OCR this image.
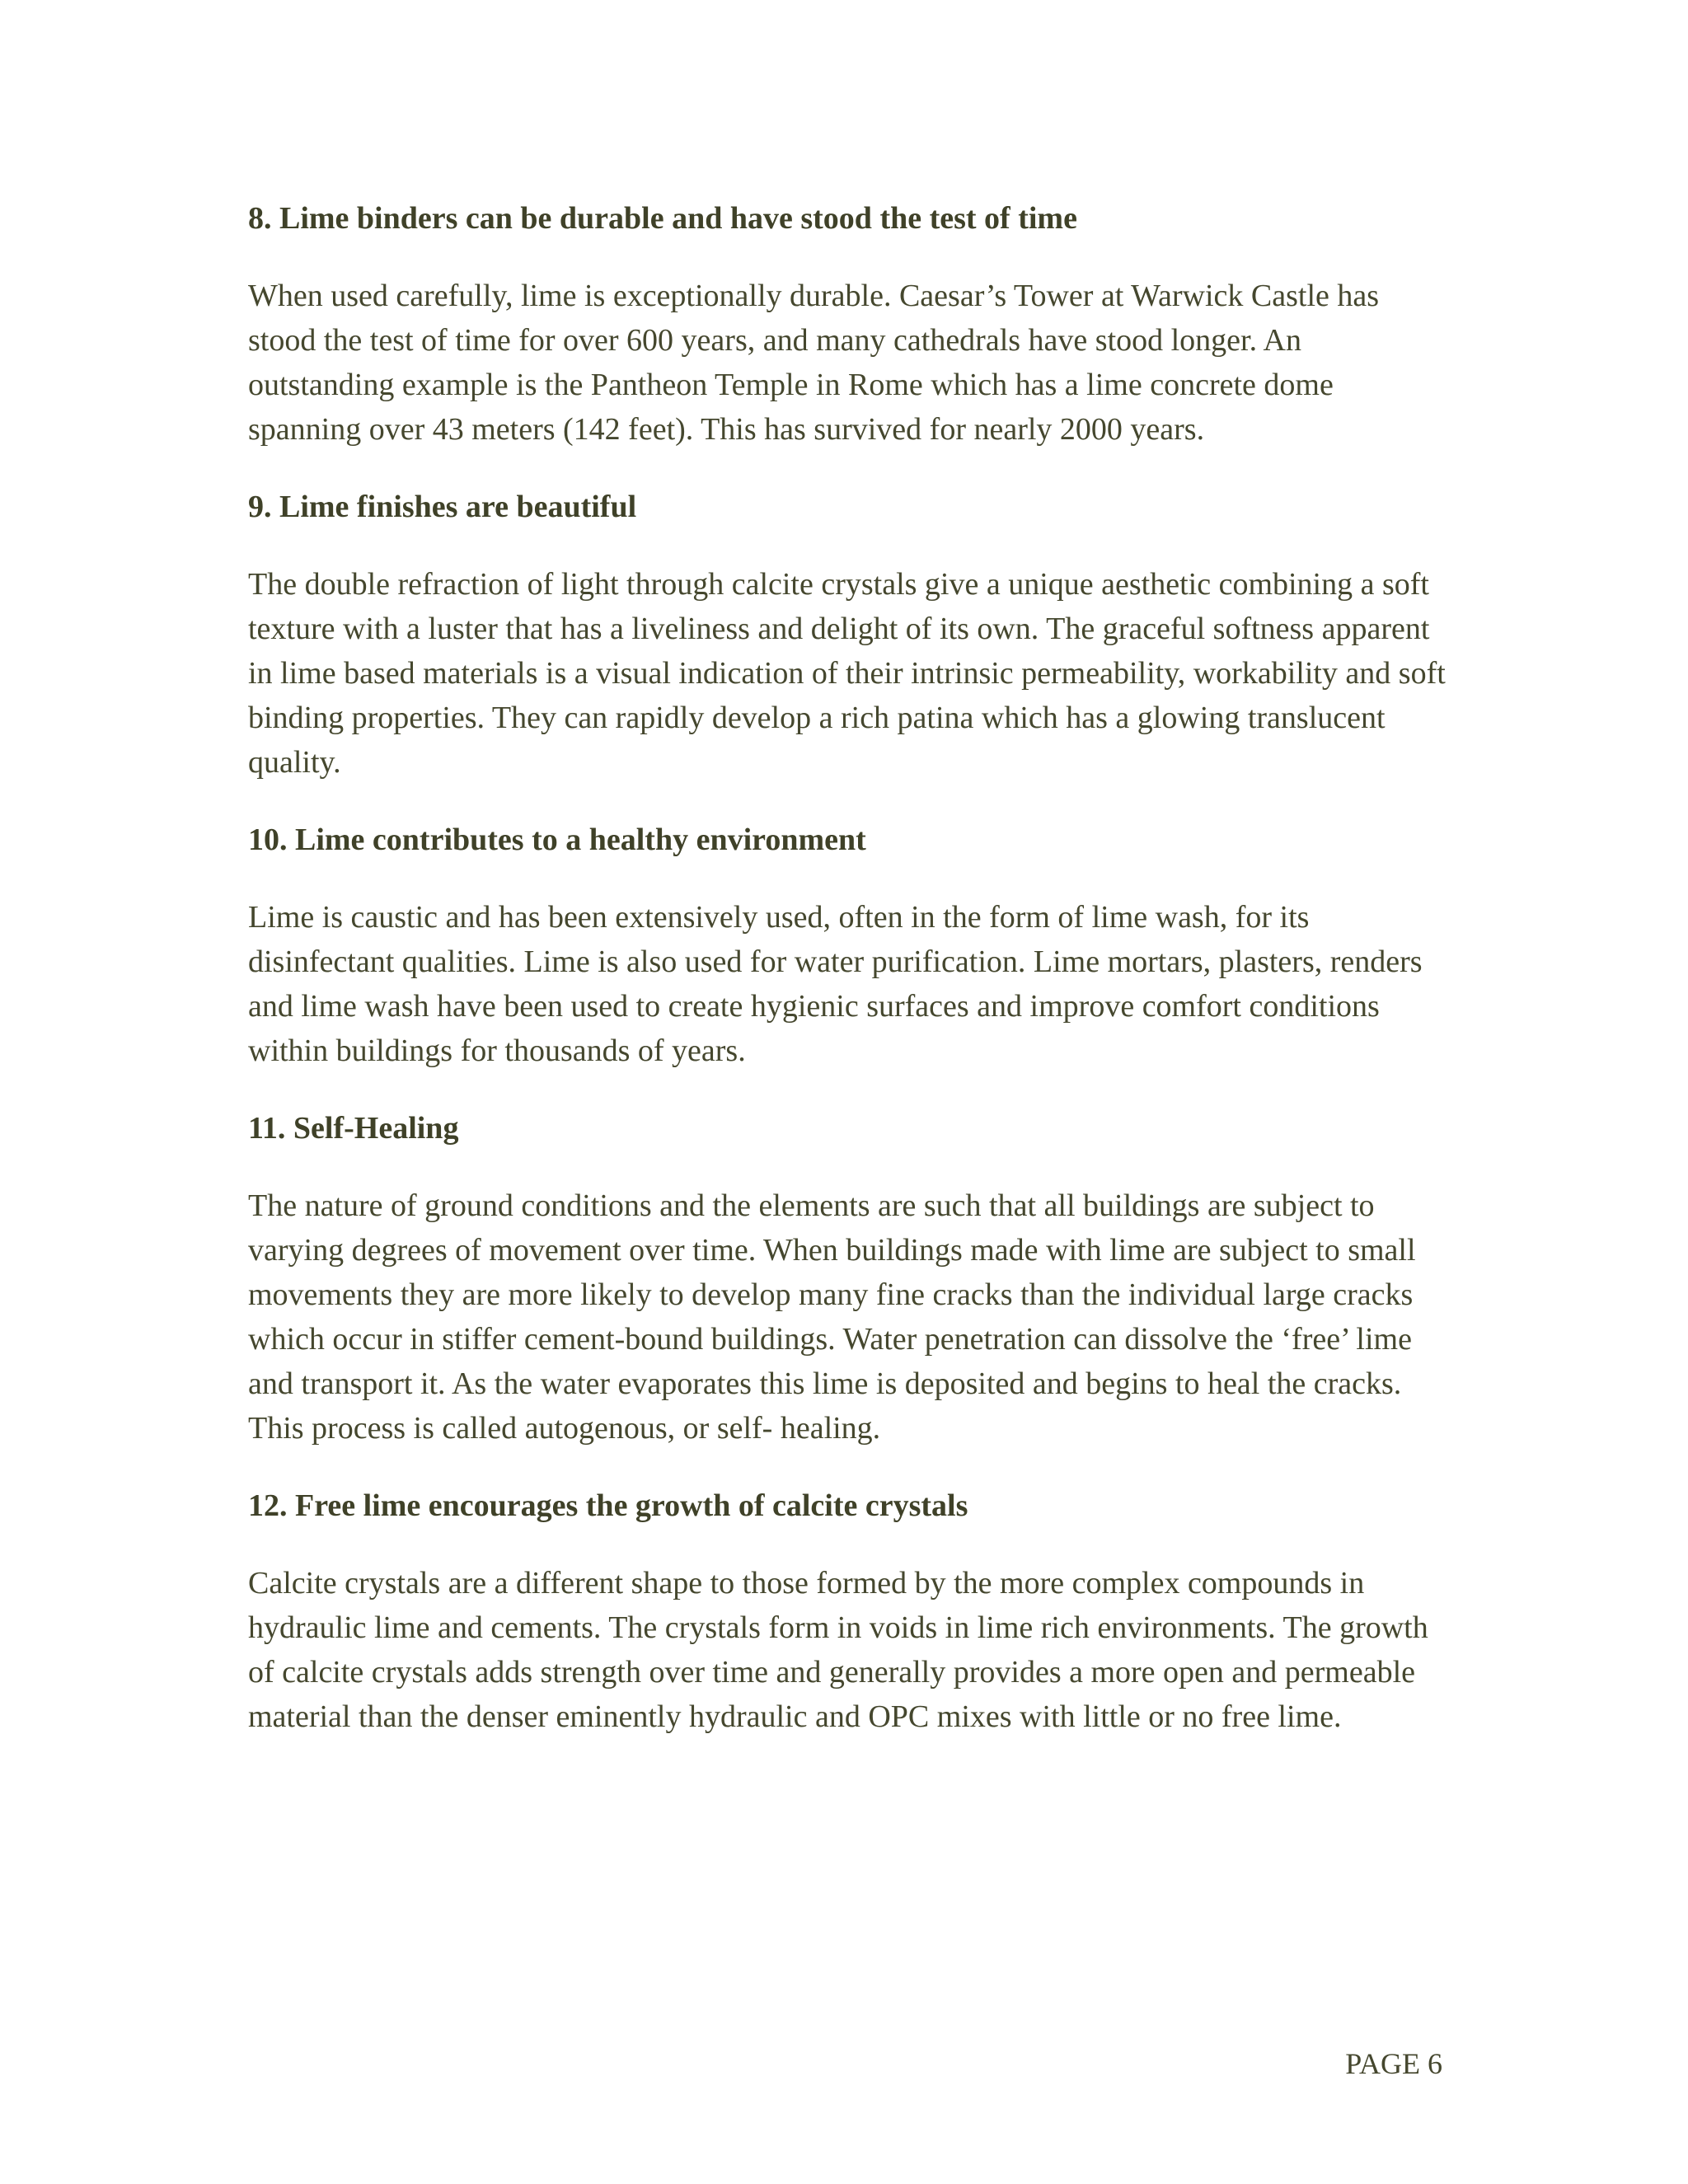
8. Lime binders can be durable and have stood the test of time

When used carefully, lime is exceptionally durable. Caesar’s Tower at Warwick Castle has stood the test of time for over 600 years, and many cathedrals have stood longer. An outstanding example is the Pantheon Temple in Rome which has a lime concrete dome spanning over 43 meters (142 feet). This has survived for nearly 2000 years.

9. Lime finishes are beautiful

The double refraction of light through calcite crystals give a unique aesthetic combining a soft texture with a luster that has a liveliness and delight of its own. The graceful softness apparent in lime based materials is a visual indication of their intrinsic permeability, workability and soft binding properties. They can rapidly develop a rich patina which has a glowing translucent quality.

10. Lime contributes to a healthy environment

Lime is caustic and has been extensively used, often in the form of lime wash, for its disinfectant qualities. Lime is also used for water purification. Lime mortars, plasters, renders and lime wash have been used to create hygienic surfaces and improve comfort conditions within buildings for thousands of years.

11. Self-Healing

The nature of ground conditions and the elements are such that all buildings are subject to varying degrees of movement over time. When buildings made with lime are subject to small movements they are more likely to develop many fine cracks than the individual large cracks which occur in stiffer cement-bound buildings. Water penetration can dissolve the ‘free’ lime and transport it. As the water evaporates this lime is deposited and begins to heal the cracks. This process is called autogenous, or self- healing.

12. Free lime encourages the growth of calcite crystals

Calcite crystals are a different shape to those formed by the more complex compounds in hydraulic lime and cements. The crystals form in voids in lime rich environments. The growth of calcite crystals adds strength over time and generally provides a more open and permeable material than the denser eminently hydraulic and OPC mixes with little or no free lime.

PAGE 6
